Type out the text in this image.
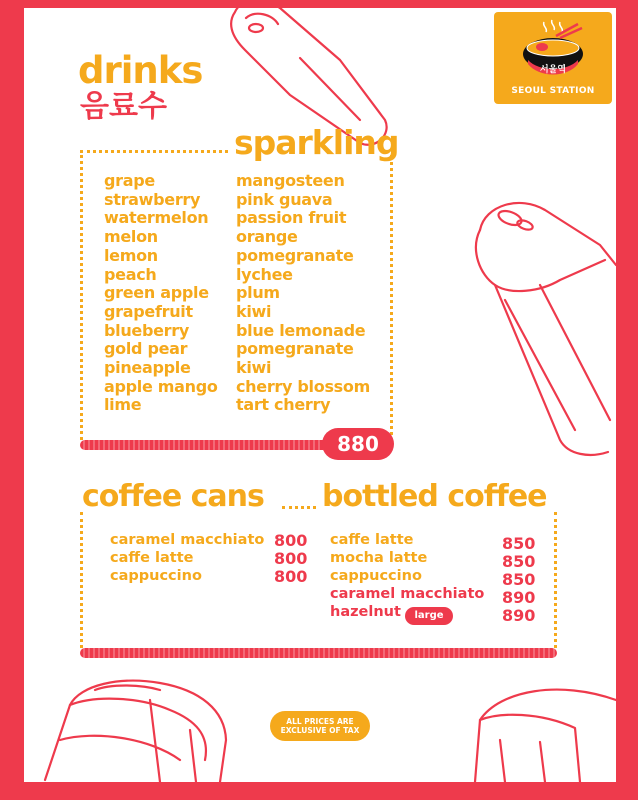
drinks
음료수
서울역
SEOUL STATION
sparkling
grape
strawberry
watermelon
melon
lemon
peach
green apple
grapefruit
blueberry
gold pear
pineapple
apple mango
lime
mangosteen
pink guava
passion fruit
orange
pomegranate
lychee
plum
kiwi
blue lemonade
pomegranate
kiwi
cherry blossom
tart cherry
880
coffee cans bottled coffee
caramel macchiato 800
caffe latte	800
cappuccino	800
caffe latte	850
mocha latte	850
cappuccino	850
caramel macchiato 890
hazelnut	large	890
ALL PRICES ARE
EXCLUSIVE OF TAX
